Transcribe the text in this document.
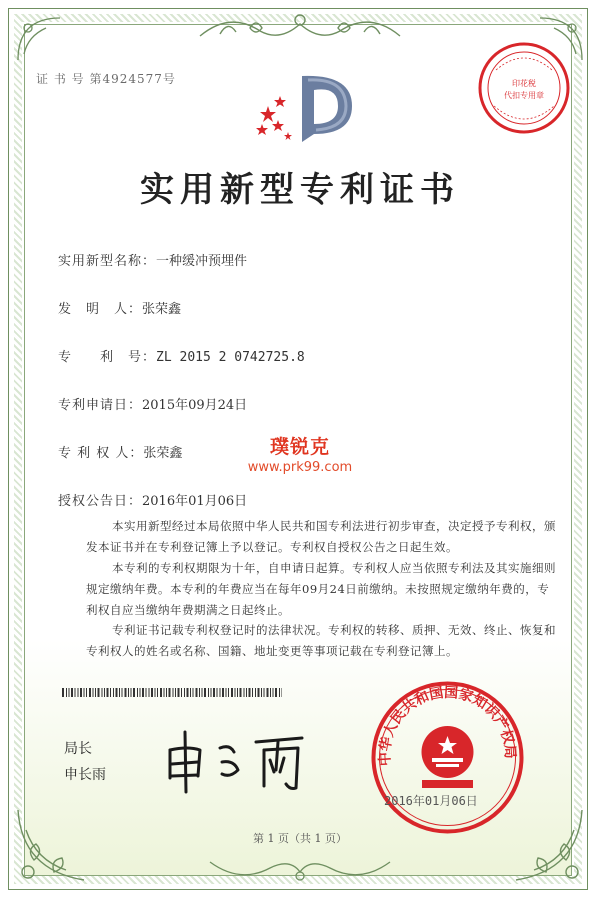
证 书 号 第4924577号	印花税
代扣专用章
实用新型专利证书
实用新型名称：一种缓冲预埋件
发　明　人：张荣鑫
专　　利　号：ZL 2015 2 0742725.8
专利申请日：2015年09月24日
专 利 权 人：张荣鑫
授权公告日：2016年01月06日
璞锐克
www.prk99.com
本实用新型经过本局依照中华人民共和国专利法进行初步审查，决定授予专利权，颁发本证书并在专利登记簿上予以登记。专利权自授权公告之日起生效。
本专利的专利权期限为十年，自申请日起算。专利权人应当依照专利法及其实施细则规定缴纳年费。本专利的年费应当在每年09月24日前缴纳。未按照规定缴纳年费的，专利权自应当缴纳年费期满之日起终止。
专利证书记载专利权登记时的法律状况。专利权的转移、质押、无效、终止、恢复和专利权人的姓名或名称、国籍、地址变更等事项记载在专利登记簿上。
局长
申长雨
中华人民共和国国家知识产权局
2016年01月06日
第 1 页（共 1 页）
